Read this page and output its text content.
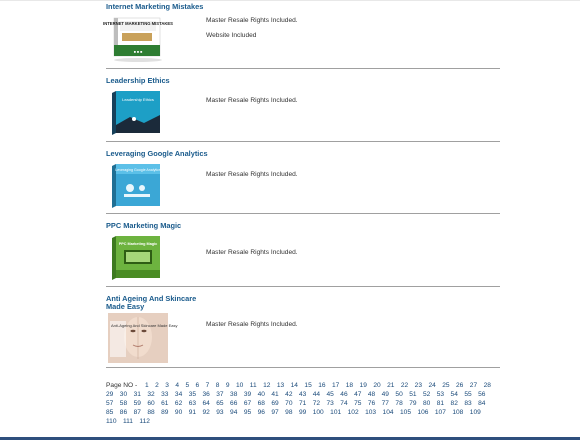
Internet Marketing Mistakes
INTERNET MARKETING MISTAKES
■ ■ ■
Master Resale Rights Included.
Website Included
Leadership Ethics
Leadership Ethics	Master Resale Rights Included.
Leveraging Google Analytics
Leveraging Google Analytics
Master Resale Rights Included.
PPC Marketing Magic
PPC Marketing Magic
Master Resale Rights Included.
Anti Ageing And Skincare Made Easy
Anti-Ageing And Skincare Made Easy	Master Resale Rights Included.
Page NO - 1 2 3 4 5 6 7 8 9 10 11 12 13 14 15 16 17 18 19 20 21 22 23 24 25 26 27 28 29 30 31 32 33 34 35 36 37 38 39 40 41 42 43 44 45 46 47 48 49 50 51 52 53 54 55 56 57 58 59 60 61 62 63 64 65 66 67 68 69 70 71 72 73 74 75 76 77 78 79 80 81 82 83 84 85 86 87 88 89 90 91 92 93 94 95 96 97 98 99 100 101 102 103 104 105 106 107 108 109 110 111 112
